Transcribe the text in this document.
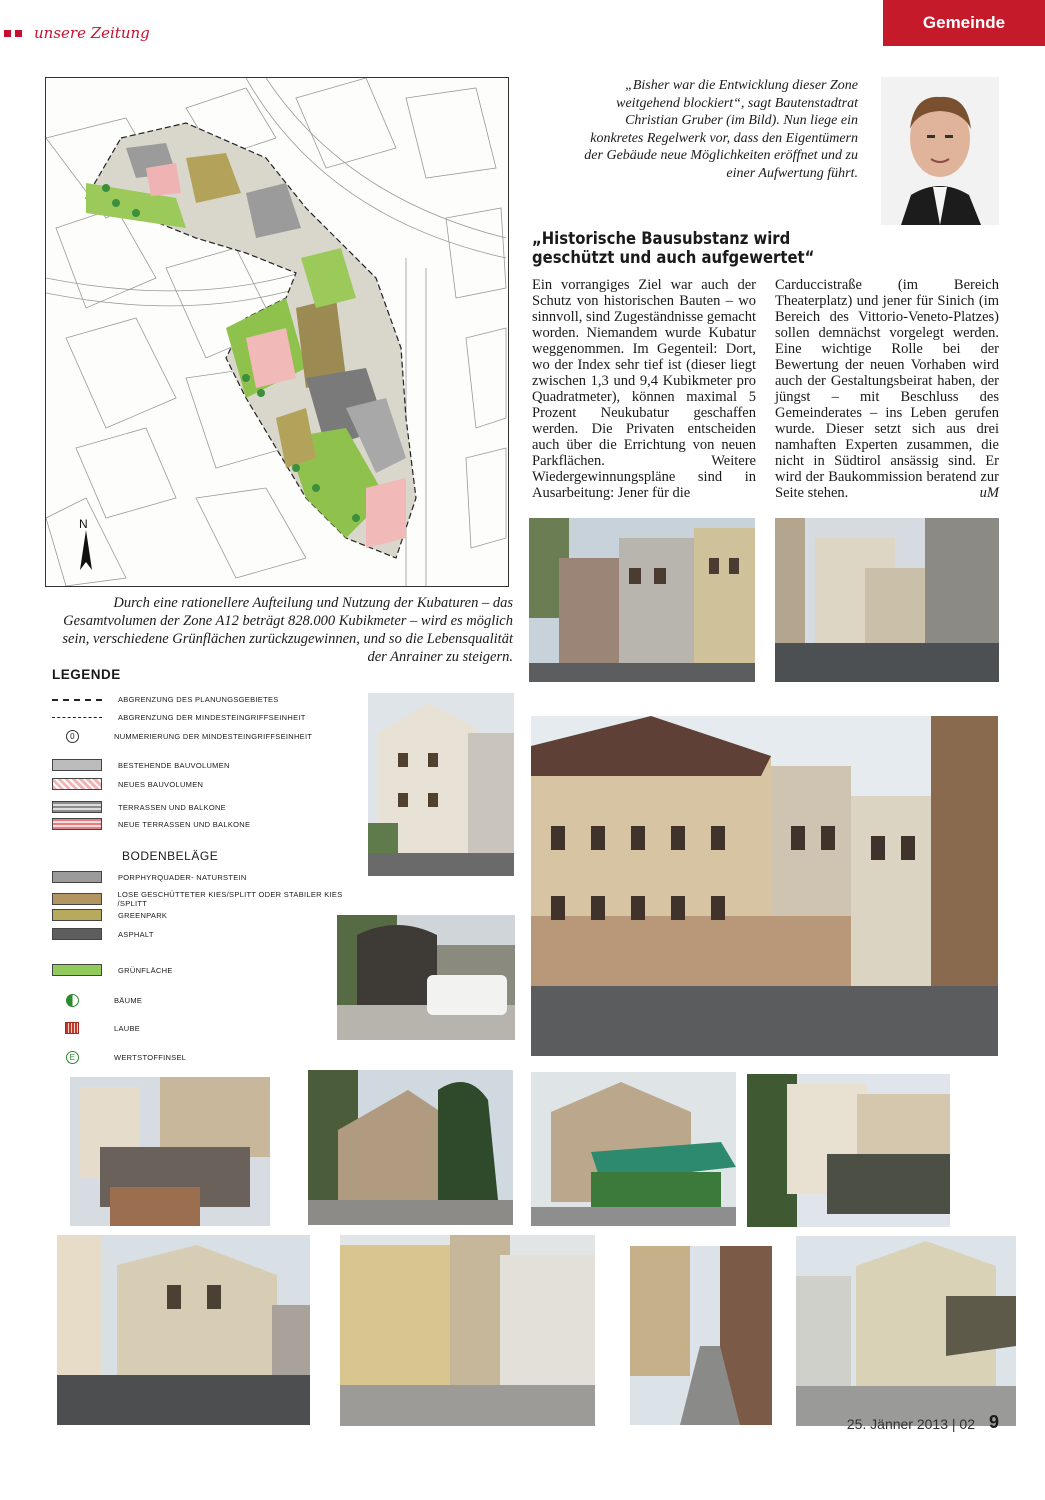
unsere Zeitung
Gemeinde
N
Durch eine rationellere Aufteilung und Nutzung der Kubaturen – das Gesamtvolumen der Zone A12 beträgt 828.000 Kubikmeter – wird es möglich sein, verschiedene Grünflächen zurückzugewinnen, und so die Lebensqualität der Anrainer zu steigern.
„Bisher war die Entwicklung dieser Zone weitgehend blockiert“, sagt Bautenstadtrat Christian Gruber (im Bild). Nun liege ein konkretes Regelwerk vor, dass den Eigentümern der Gebäude neue Möglichkeiten eröffnet und zu einer Aufwertung führt.
„Historische Bausubstanz wird geschützt und auch aufgewertet“
Ein vorrangiges Ziel war auch der Schutz von historischen Bauten – wo sinnvoll, sind Zugeständnisse gemacht worden. Niemandem wurde Kubatur weggenommen. Im Gegenteil: Dort, wo der Index sehr tief ist (dieser liegt zwischen 1,3 und 9,4 Kubikmeter pro Quadratmeter), können maximal 5 Prozent Neukubatur geschaffen werden. Die Privaten entscheiden auch über die Errichtung von neuen Parkflächen. Weitere Wiedergewinnungspläne sind in Ausarbeitung: Jener für die
Carduccistraße (im Bereich Theaterplatz) und jener für Sinich (im Bereich des Vittorio-Veneto-Platzes) sollen demnächst vorgelegt werden. Eine wichtige Rolle bei der Bewertung der neuen Vorhaben wird auch der Gestaltungsbeirat haben, der jüngst – mit Beschluss des Gemeinderates – ins Leben gerufen wurde. Dieser setzt sich aus drei namhaften Experten zusammen, die nicht in Südtirol ansässig sind. Er wird der Baukommission beratend zur Seite stehen.	uM
LEGENDE
ABGRENZUNG DES PLANUNGSGEBIETES
ABGRENZUNG DER MINDESTEINGRIFFSEINHEIT
0	NUMMERIERUNG DER MINDESTEINGRIFFSEINHEIT
BESTEHENDE BAUVOLUMEN
NEUES BAUVOLUMEN
TERRASSEN UND BALKONE
NEUE TERRASSEN UND BALKONE
BODENBELÄGE
PORPHYRQUADER- NATURSTEIN
LOSE GESCHÜTTETER KIES/SPLITT ODER STABILER KIES /SPLITT
GREENPARK
ASPHALT
GRÜNFLÄCHE
BÄUME
LAUBE
E	WERTSTOFFINSEL
25. Jänner 2013 | 02 9
